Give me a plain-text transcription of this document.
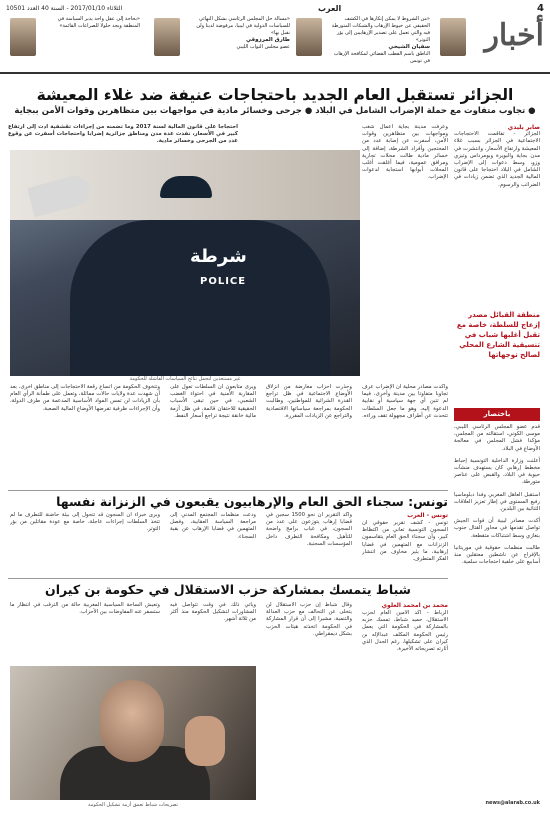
4
العرب
الثلاثاء 2017/01/10 - السنة 40 العدد 10501
أخبار
«من الشروط لا يمكن إنكارها في الكشف الحقيقي عن خيوط الإرهاب والشبكات المتورطة فيه والتي تعمل على تصدير الإرهابيين إلى بؤر التوتر»
سفيان الشيخي
الناطق باسم القطب القضائي لمكافحة الإرهاب في تونس
«مسألة حل المجلس الرئاسي بشكل النهائي للسياسات الدولية في ليبيا، مرفوضة لدينا ولن نقبل بها»
طارق المرزوقي
عضو مجلس النواب الليبي
«بحاجة إلى عقل واحد يدير السياسة في المنطقة ويجد حلولا للصراعات القائمة»
الجزائر تستقبل العام الجديد باحتجاجات عنيفة ضد غلاء المعيشة
● تجاوب متفاوت مع حملة الإضراب الشامل في البلاد ● جرحى وخسائر مادية في مواجهات بين متظاهرين وقوات الأمن ببجاية
احتجاجا على قانون المالية لسنة 2017 وما تضمنه من إجراءات تقشفية أدت إلى ارتفاع كبير في الأسعار، نفذت عدة مدن ومناطق جزائرية إضرابا واحتجاجات أسفرت عن وقوع عدد من الجرحى وخسائر مادية.
صابر بليدي
الجزائر - تفاقمت الاحتجاجات الاجتماعية في الجزائر بسبب غلاء المعيشة وارتفاع الأسعار، وانتشرت في مدن بجاية والبويرة وبومرداس وتيزي وزو، وسط دعوات إلى الإضراب الشامل في البلاد احتجاجا على قانون المالية الجديد الذي تضمن زيادات في الضرائب والرسوم.
وعرفت مدينة بجاية أعمال شغب ومواجهات بين متظاهرين وقوات الأمن، أسفرت عن إصابة عدد من المحتجين وأفراد الشرطة، إضافة إلى خسائر مادية طالت محلات تجارية ومرافق عمومية، فيما أغلقت أغلب المحلات أبوابها استجابة لدعوات الإضراب.
شرطة
POLICE
غير مستعدين لتحمل نتائج السياسات الفاشلة للحكومة
وأكدت مصادر محلية أن الإضراب عرف تجاوبا متفاوتا بين مدينة وأخرى، فيما لم تتبن أي جهة سياسية أو نقابية الدعوة إليه، وهو ما جعل السلطات تتحدث عن أطراف مجهولة تقف وراءه.
وحذرت أحزاب معارضة من انزلاق الأوضاع الاجتماعية في ظل تراجع القدرة الشرائية للمواطنين، وطالبت الحكومة بمراجعة سياساتها الاقتصادية والتراجع عن الزيادات المقررة.
ويرى متابعون أن السلطات تعول على المقاربة الأمنية في احتواء الغضب الشعبي، في حين تبقى الأسباب الحقيقية للاحتقان قائمة، في ظل أزمة مالية خانقة نتيجة تراجع أسعار النفط.
وتتخوف الحكومة من اتساع رقعة الاحتجاجات إلى مناطق أخرى، بعد أن شهدت عدة ولايات حالات مماثلة، وتعمل على طمأنة الرأي العام بأن الزيادات لن تمس المواد الأساسية المدعمة من طرف الدولة، وأن الإجراءات ظرفية تفرضها الأوضاع المالية الصعبة.
منطقة القبائل مصدر إزعاج للسلطة، خاصة مع تقبل أغلبها شباب في تنسيقية الشارع المحلي لصالح توجهاتها
باختصار

قدم عضو المجلس الرئاسي الليبي، موسى الكوني، استقالته من المجلس، مؤكدا فشل المجلس في معالجة الأوضاع في البلاد.

أعلنت وزارة الداخلية التونسية إحباط مخطط إرهابي كان يستهدف منشآت حيوية في البلاد، والقبض على عناصر متورطة.

استقبل العاهل المغربي وفدا دبلوماسيا رفيع المستوى في إطار تعزيز العلاقات الثنائية بين البلدين.

أكدت مصادر ليبية أن قوات الجيش تواصل تقدمها في محاور القتال جنوب بنغازي وسط اشتباكات متقطعة.

طالبت منظمات حقوقية في موريتانيا بالإفراج عن ناشطين معتقلين منذ أسابيع على خلفية احتجاجات سلمية.

news@alarab.co.uk
تونس: سجناء الحق العام والإرهابيون يقبعون في الزنزانة نفسها
تونس - العرب
تونس - كشف تقرير حقوقي أن السجون التونسية تعاني من اكتظاظ كبير، وأن سجناء الحق العام يتقاسمون الزنزانات مع المتهمين في قضايا إرهابية، ما يثير مخاوف من انتشار الفكر المتطرف.
وأكد التقرير أن نحو 1500 سجين في قضايا إرهاب يتوزعون على عدد من السجون، في غياب برامج واضحة للتأهيل ومكافحة التطرف داخل المؤسسات السجنية.
ودعت منظمات المجتمع المدني إلى مراجعة السياسة العقابية، وفصل المتهمين في قضايا الإرهاب عن بقية السجناء.
ويرى خبراء أن السجون قد تتحول إلى بيئة حاضنة للتطرف ما لم تتخذ السلطات إجراءات عاجلة، خاصة مع عودة مقاتلين من بؤر التوتر.
شباط يتمسك بمشاركة حزب الاستقلال في حكومة بن كيران
محمد بن امحمد العلوي
الرباط - أكد الأمين العام لحزب الاستقلال، حميد شباط، تمسك حزبه بالمشاركة في الحكومة التي يعمل رئيس الحكومة المكلف عبدالإله بن كيران على تشكيلها، رغم الجدل الذي أثارته تصريحاته الأخيرة.
وقال شباط إن حزب الاستقلال لن يتخلى عن التحالف مع حزب العدالة والتنمية، مشيرا إلى أن قرار المشاركة في الحكومة اتخذته هيئات الحزب بشكل ديمقراطي.
ويأتي ذلك في وقت تتواصل فيه المشاورات لتشكيل الحكومة منذ أكثر من ثلاثة أشهر.
وتعيش الساحة السياسية المغربية حالة من الترقب في انتظار ما ستسفر عنه المفاوضات بين الأحزاب.
تصريحات شباط تعمق أزمة تشكيل الحكومة
